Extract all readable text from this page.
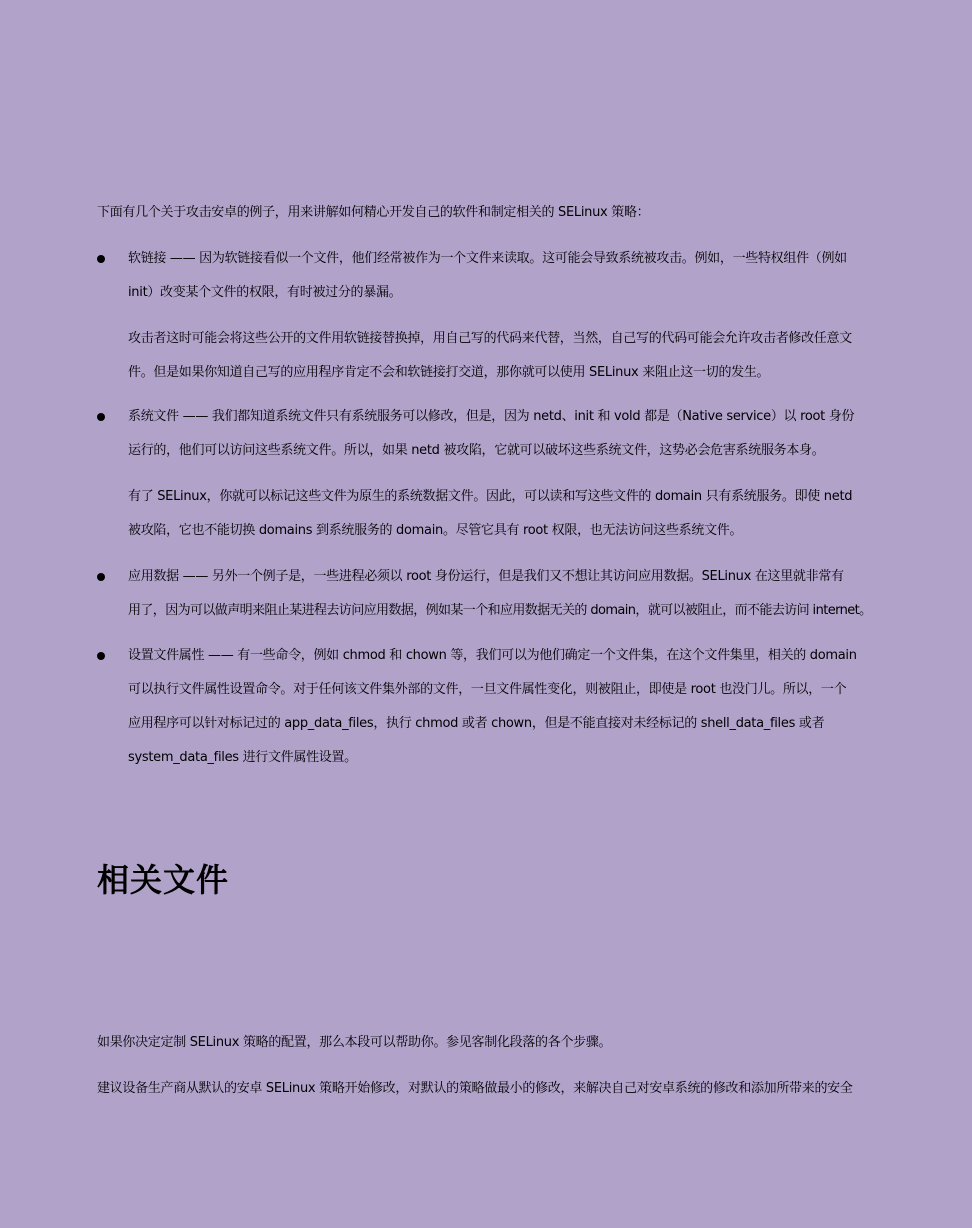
下面有几个关于攻击安卓的例子，用来讲解如何精心开发自己的软件和制定相关的 SELinux 策略：
软链接 —— 因为软链接看似一个文件，他们经常被作为一个文件来读取。这可能会导致系统被攻击。例如，一些特权组件（例如
init）改变某个文件的权限，有时被过分的暴漏。
攻击者这时可能会将这些公开的文件用软链接替换掉，用自己写的代码来代替，当然，自己写的代码可能会允许攻击者修改任意文
件。但是如果你知道自己写的应用程序肯定不会和软链接打交道，那你就可以使用 SELinux 来阻止这一切的发生。
系统文件 —— 我们都知道系统文件只有系统服务可以修改，但是，因为 netd、init 和 vold 都是（Native service）以 root 身份
运行的，他们可以访问这些系统文件。所以，如果 netd 被攻陷，它就可以破坏这些系统文件，这势必会危害系统服务本身。
有了 SELinux，你就可以标记这些文件为原生的系统数据文件。因此，可以读和写这些文件的 domain 只有系统服务。即使 netd
被攻陷，它也不能切换 domains 到系统服务的 domain。尽管它具有 root 权限，也无法访问这些系统文件。
应用数据 —— 另外一个例子是，一些进程必须以 root 身份运行，但是我们又不想让其访问应用数据。SELinux 在这里就非常有
用了，因为可以做声明来阻止某进程去访问应用数据，例如某一个和应用数据无关的 domain，就可以被阻止，而不能去访问 internet。
设置文件属性 —— 有一些命令，例如 chmod 和 chown 等，我们可以为他们确定一个文件集，在这个文件集里，相关的 domain
可以执行文件属性设置命令。对于任何该文件集外部的文件，一旦文件属性变化，则被阻止，即使是 root 也没门儿。所以，一个
应用程序可以针对标记过的 app_data_files，执行 chmod 或者 chown，但是不能直接对未经标记的 shell_data_files 或者
system_data_files 进行文件属性设置。
相关文件
如果你决定定制 SELinux 策略的配置，那么本段可以帮助你。参见客制化段落的各个步骤。
建议设备生产商从默认的安卓 SELinux 策略开始修改，对默认的策略做最小的修改，来解决自己对安卓系统的修改和添加所带来的安全
